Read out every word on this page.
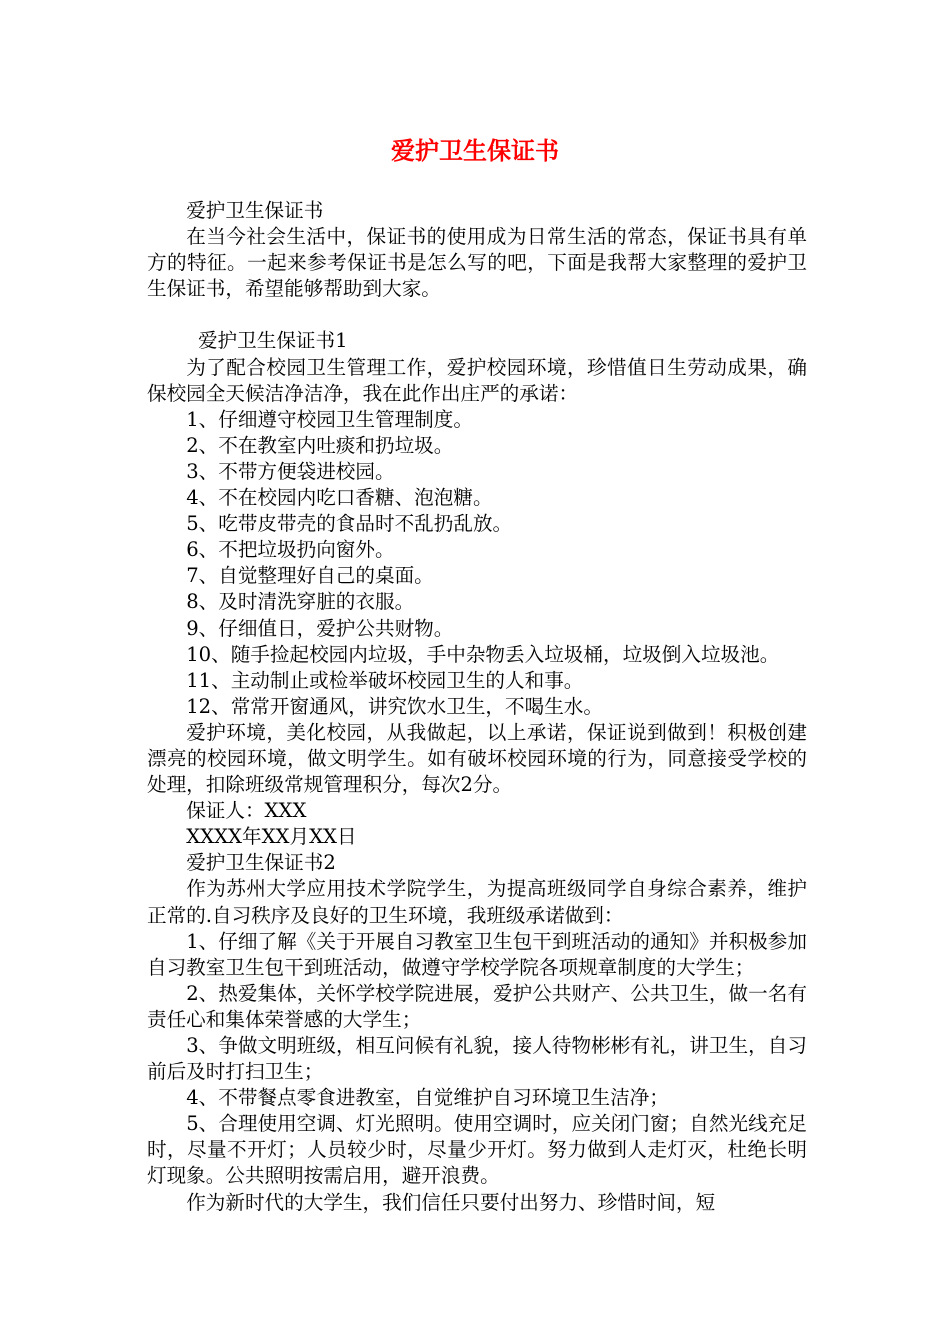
爱护卫生保证书

爱护卫生保证书

在当今社会生活中，保证书的使用成为日常生活的常态，保证书具有单方的特征。一起来参考保证书是怎么写的吧，下面是我帮大家整理的爱护卫生保证书，希望能够帮助到大家。

爱护卫生保证书1

为了配合校园卫生管理工作，爱护校园环境，珍惜值日生劳动成果，确保校园全天候洁净洁净，我在此作出庄严的承诺：

1、仔细遵守校园卫生管理制度。

2、不在教室内吐痰和扔垃圾。

3、不带方便袋进校园。

4、不在校园内吃口香糖、泡泡糖。

5、吃带皮带壳的食品时不乱扔乱放。

6、不把垃圾扔向窗外。

7、自觉整理好自己的桌面。

8、及时清洗穿脏的衣服。

9、仔细值日，爱护公共财物。

10、随手捡起校园内垃圾，手中杂物丢入垃圾桶，垃圾倒入垃圾池。

11、主动制止或检举破坏校园卫生的人和事。

12、常常开窗通风，讲究饮水卫生，不喝生水。

爱护环境，美化校园，从我做起，以上承诺，保证说到做到！积极创建漂亮的校园环境，做文明学生。如有破坏校园环境的行为，同意接受学校的处理，扣除班级常规管理积分，每次2分。

保证人：XXX

XXXX年XX月XX日

爱护卫生保证书2

作为苏州大学应用技术学院学生，为提高班级同学自身综合素养，维护正常的.自习秩序及良好的卫生环境，我班级承诺做到：

1、仔细了解《关于开展自习教室卫生包干到班活动的通知》并积极参加自习教室卫生包干到班活动，做遵守学校学院各项规章制度的大学生；

2、热爱集体，关怀学校学院进展，爱护公共财产、公共卫生，做一名有责任心和集体荣誉感的大学生；

3、争做文明班级，相互问候有礼貌，接人待物彬彬有礼，讲卫生，自习前后及时打扫卫生；

4、不带餐点零食进教室，自觉维护自习环境卫生洁净；

5、合理使用空调、灯光照明。使用空调时，应关闭门窗；自然光线充足时，尽量不开灯；人员较少时，尽量少开灯。努力做到人走灯灭，杜绝长明灯现象。公共照明按需启用，避开浪费。

作为新时代的大学生，我们信任只要付出努力、珍惜时间，短
